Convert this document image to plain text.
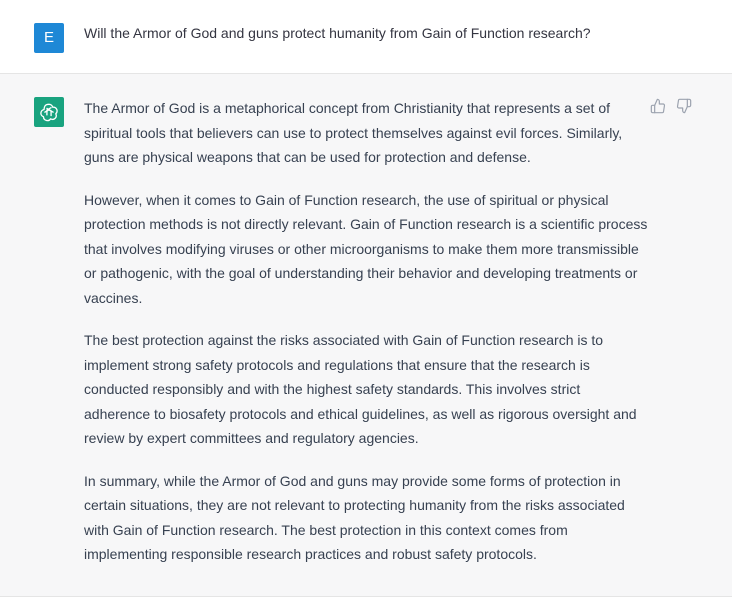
E	Will the Armor of God and guns protect humanity from Gain of Function research?

The Armor of God is a metaphorical concept from Christianity that represents a set of spiritual tools that believers can use to protect themselves against evil forces. Similarly, guns are physical weapons that can be used for protection and defense.

However, when it comes to Gain of Function research, the use of spiritual or physical protection methods is not directly relevant. Gain of Function research is a scientific process that involves modifying viruses or other microorganisms to make them more transmissible or pathogenic, with the goal of understanding their behavior and developing treatments or vaccines.

The best protection against the risks associated with Gain of Function research is to implement strong safety protocols and regulations that ensure that the research is conducted responsibly and with the highest safety standards. This involves strict adherence to biosafety protocols and ethical guidelines, as well as rigorous oversight and review by expert committees and regulatory agencies.

In summary, while the Armor of God and guns may provide some forms of protection in certain situations, they are not relevant to protecting humanity from the risks associated with Gain of Function research. The best protection in this context comes from implementing responsible research practices and robust safety protocols.
